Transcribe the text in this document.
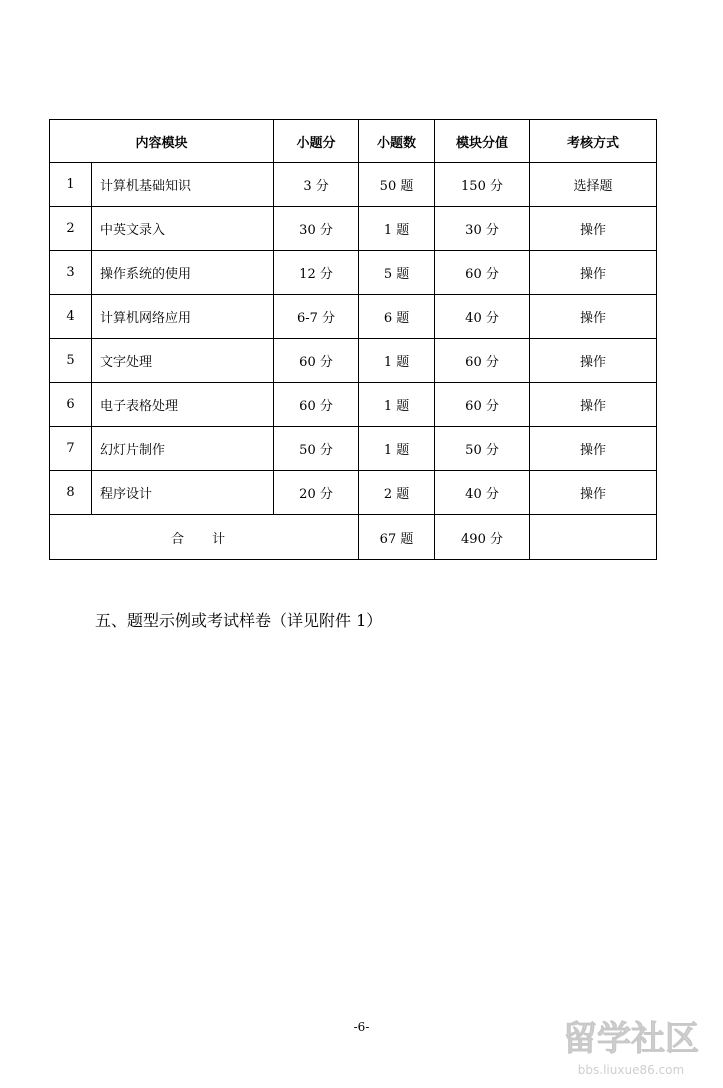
内容模块		小题分	小题数	模块分值	考核方式
1	计算机基础知识	3 分	50 题	150 分	选择题
2	中英文录入	30 分	1 题	30 分	操作
3	操作系统的使用	12 分	5 题	60 分	操作
4	计算机网络应用	6-7 分	6 题	40 分	操作
5	文字处理	60 分	1 题	60 分	操作
6	电子表格处理	60 分	1 题	60 分	操作
7	幻灯片制作	50 分	1 题	50 分	操作
8	程序设计	20 分	2 题	40 分	操作
合 计			67 题	490 分	
五、题型示例或考试样卷（详见附件 1）
-6-	留学社区
bbs.liuxue86.com
